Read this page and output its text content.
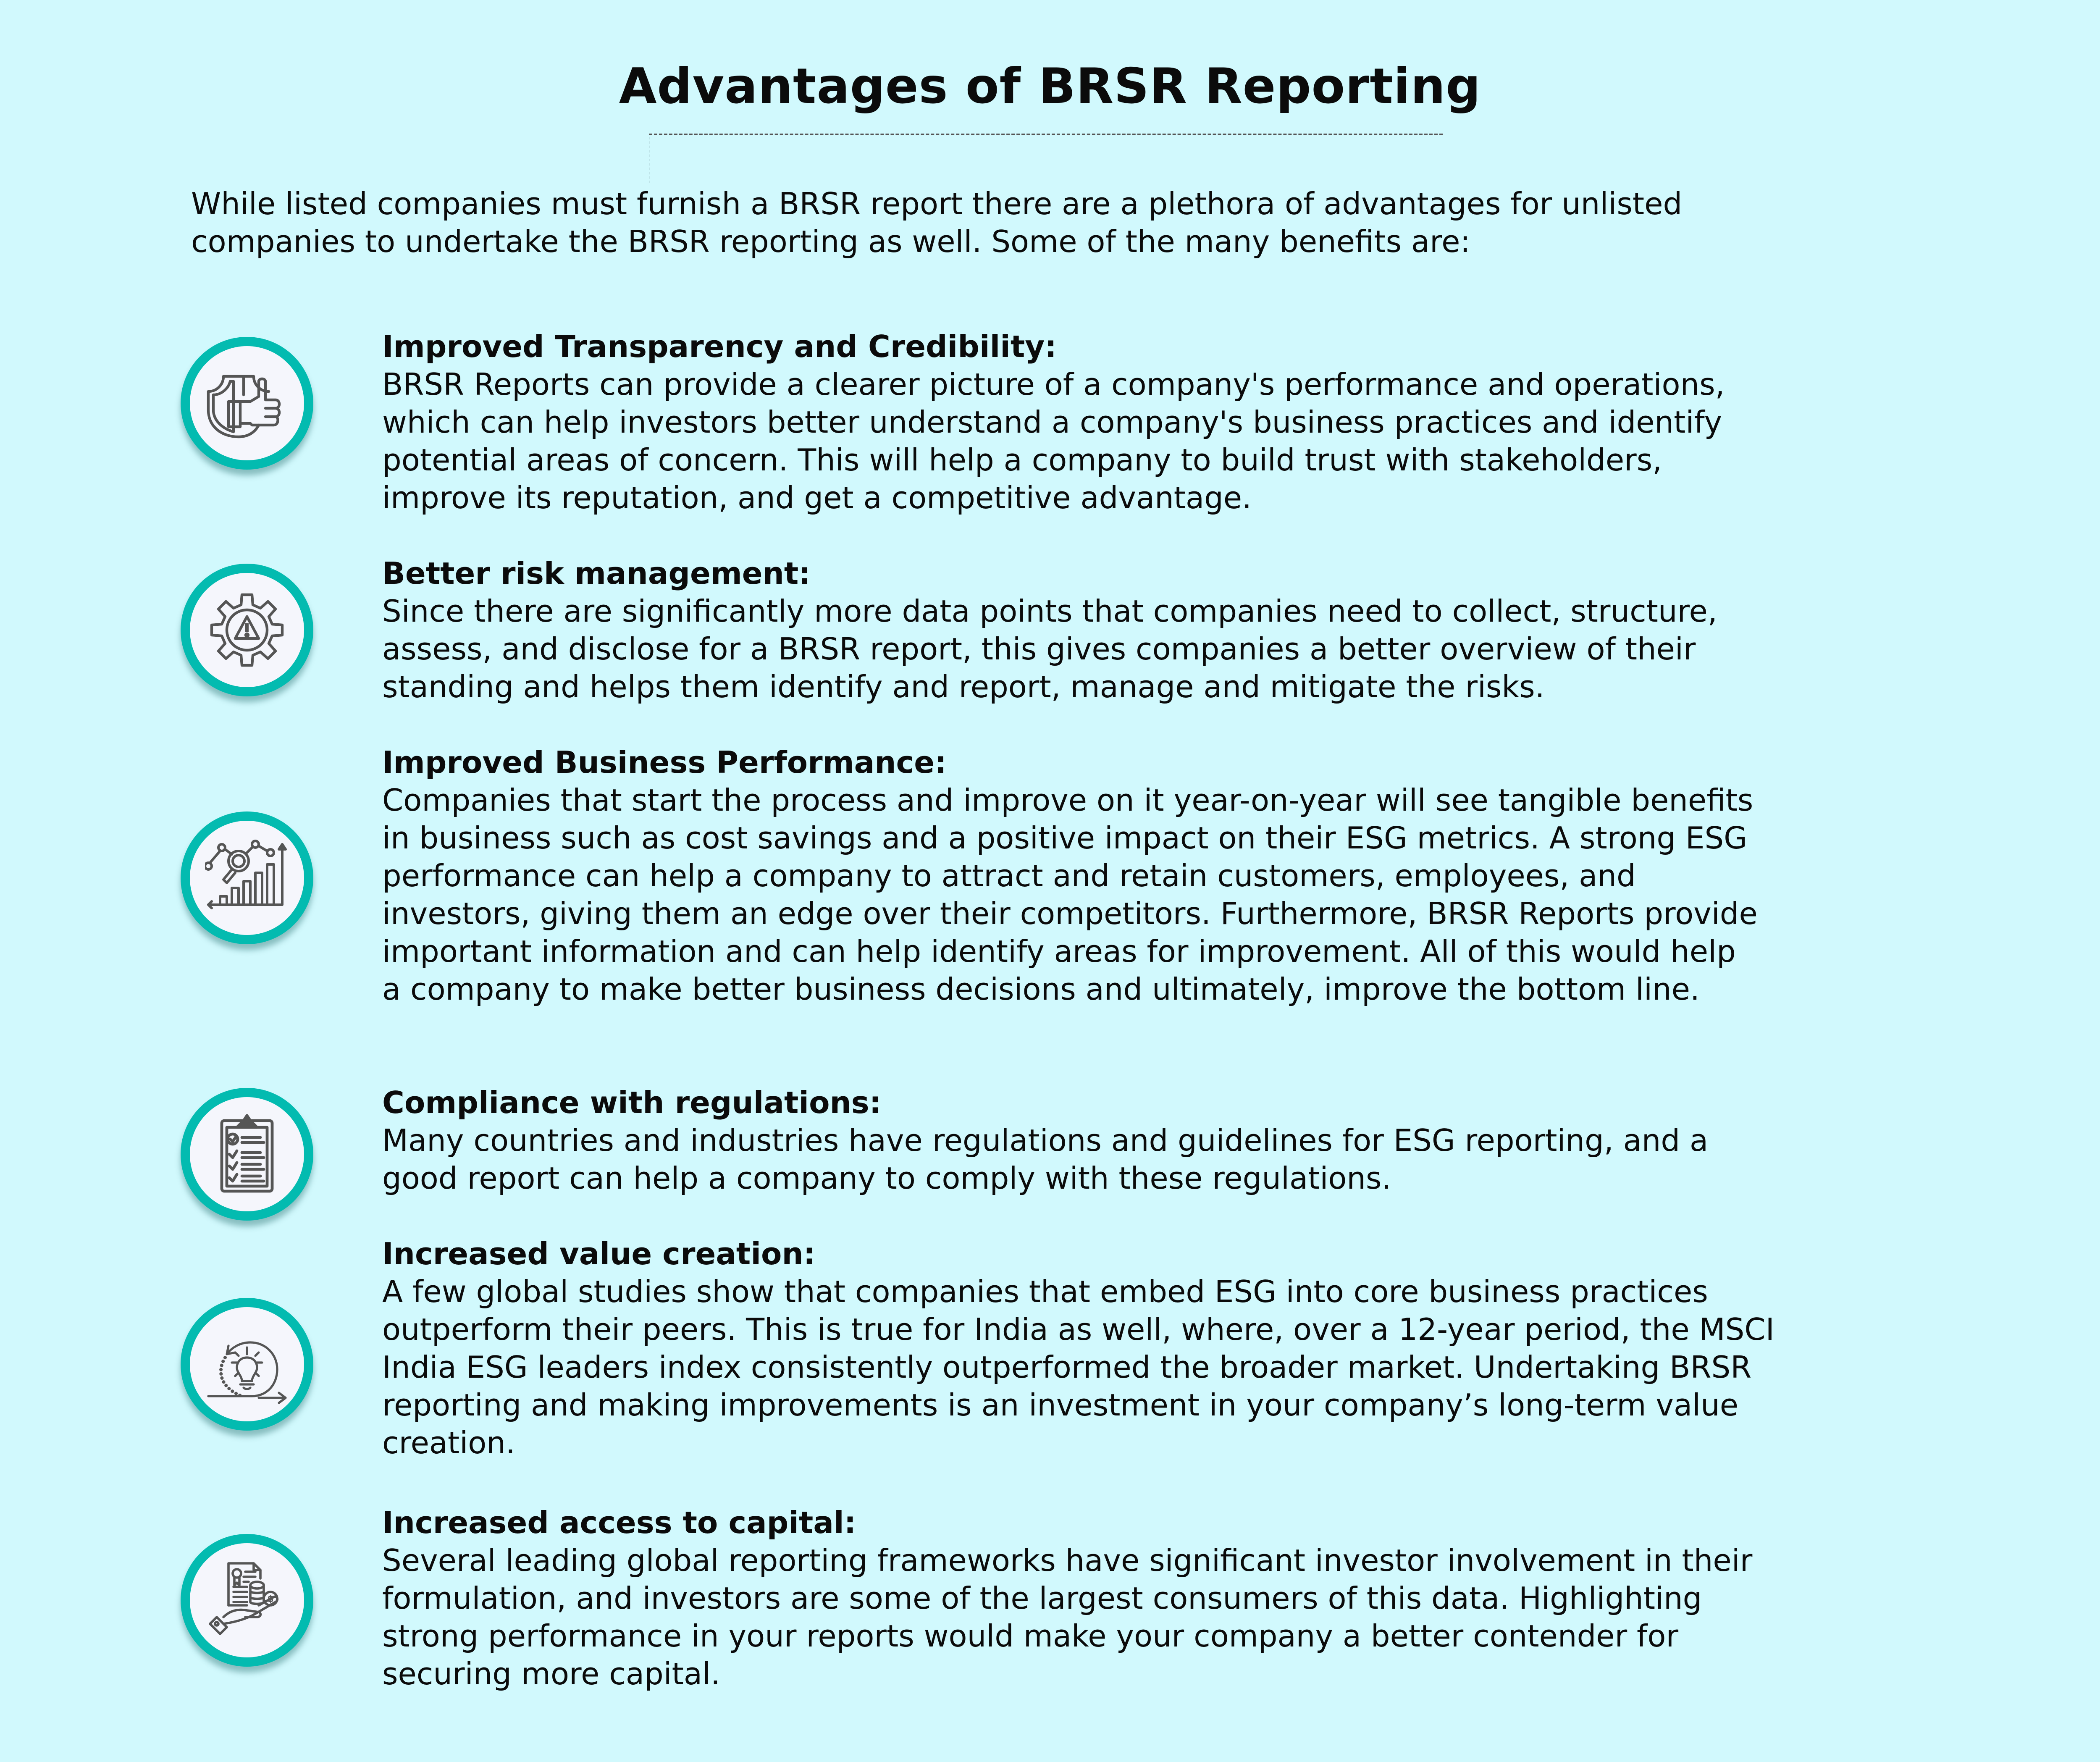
Advantages of BRSR Reporting

While listed companies must furnish a BRSR report there are a plethora of advantages for unlisted
companies to undertake the BRSR reporting as well. Some of the many benefits are:

Improved Transparency and Credibility:
BRSR Reports can provide a clearer picture of a company's performance and operations,
which can help investors better understand a company's business practices and identify
potential areas of concern. This will help a company to build trust with stakeholders,
improve its reputation, and get a competitive advantage.
Better risk management:
Since there are significantly more data points that companies need to collect, structure,
assess, and disclose for a BRSR report, this gives companies a better overview of their
standing and helps them identify and report, manage and mitigate the risks.
Improved Business Performance:
Companies that start the process and improve on it year-on-year will see tangible benefits
in business such as cost savings and a positive impact on their ESG metrics. A strong ESG
performance can help a company to attract and retain customers, employees, and
investors, giving them an edge over their competitors. Furthermore, BRSR Reports provide
important information and can help identify areas for improvement. All of this would help
a company to make better business decisions and ultimately, improve the bottom line.
Compliance with regulations:
Many countries and industries have regulations and guidelines for ESG reporting, and a
good report can help a company to comply with these regulations.
Increased value creation:
A few global studies show that companies that embed ESG into core business practices
outperform their peers. This is true for India as well, where, over a 12-year period, the MSCI
India ESG leaders index consistently outperformed the broader market. Undertaking BRSR
reporting and making improvements is an investment in your company’s long-term value
creation.
$
Increased access to capital:
Several leading global reporting frameworks have significant investor involvement in their
formulation, and investors are some of the largest consumers of this data. Highlighting
strong performance in your reports would make your company a better contender for
securing more capital.
